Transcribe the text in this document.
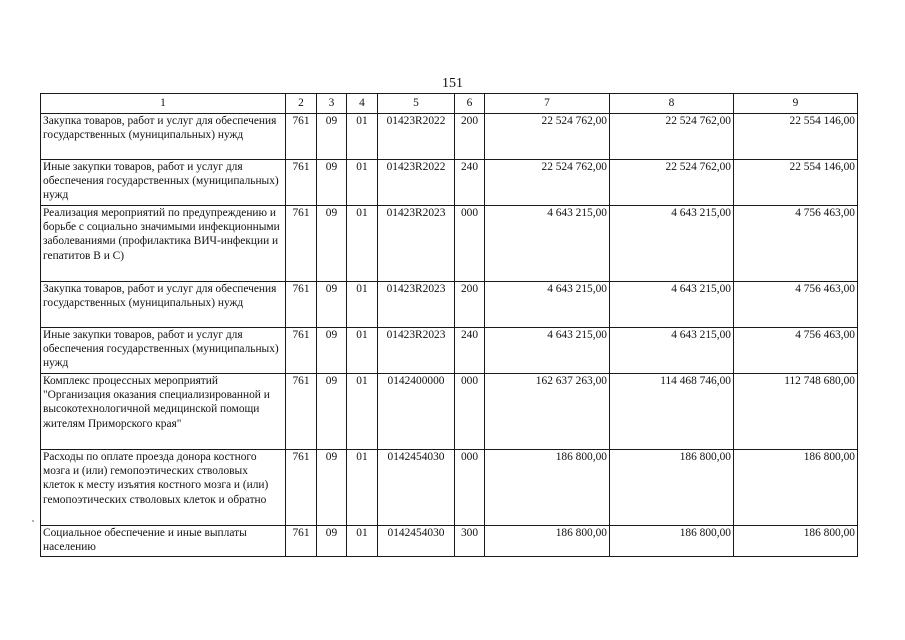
151
1	2	3	4	5	6	7	8	9
Закупка товаров, работ и услуг для обеспечения государственных (муниципальных) нужд	761	09	01	01423R2022	200	22 524 762,00	22 524 762,00	22 554 146,00
Иные закупки товаров, работ и услуг для обеспечения государственных (муниципальных) нужд	761	09	01	01423R2022	240	22 524 762,00	22 524 762,00	22 554 146,00
Реализация мероприятий по предупреждению и борьбе с социально значимыми инфекционными заболеваниями (профилактика ВИЧ-инфекции и гепатитов B и C)	761	09	01	01423R2023	000	4 643 215,00	4 643 215,00	4 756 463,00
Закупка товаров, работ и услуг для обеспечения государственных (муниципальных) нужд	761	09	01	01423R2023	200	4 643 215,00	4 643 215,00	4 756 463,00
Иные закупки товаров, работ и услуг для обеспечения государственных (муниципальных) нужд	761	09	01	01423R2023	240	4 643 215,00	4 643 215,00	4 756 463,00
Комплекс процессных мероприятий "Организация оказания специализированной и высокотехнологичной медицинской помощи жителям Приморского края"	761	09	01	0142400000	000	162 637 263,00	114 468 746,00	112 748 680,00
Расходы по оплате проезда донора костного мозга и (или) гемопоэтических стволовых клеток к месту изъятия костного мозга и (или) гемопоэтических стволовых клеток и обратно	761	09	01	0142454030	000	186 800,00	186 800,00	186 800,00
Социальное обеспечение и иные выплаты населению	761	09	01	0142454030	300	186 800,00	186 800,00	186 800,00
